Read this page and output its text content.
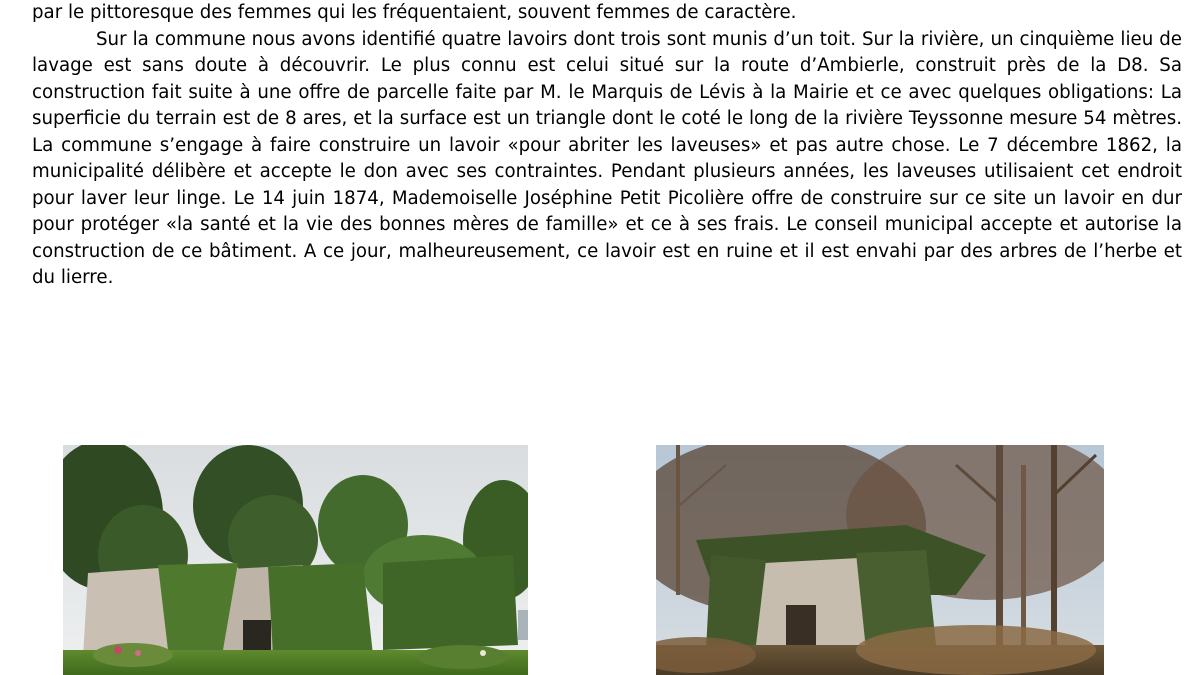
par le pittoresque des femmes qui les fréquentaient, souvent femmes de caractère.

Sur la commune nous avons identifié quatre lavoirs dont trois sont munis d’un toit. Sur la rivière, un cinquième lieu de lavage est sans doute à découvrir. Le plus connu est celui situé sur la route d’Ambierle, construit près de la D8. Sa construction fait suite à une offre de parcelle faite par M. le Marquis de Lévis à la Mairie et ce avec quelques obligations: La superficie du terrain est de 8 ares, et la surface est un triangle dont le coté le long de la rivière Teyssonne mesure 54 mètres. La commune s’engage à faire construire un lavoir «pour abriter les laveuses» et pas autre chose. Le 7 décembre 1862, la municipalité délibère et accepte le don avec ses contraintes. Pendant plusieurs années, les laveuses utilisaient cet endroit pour laver leur linge. Le 14 juin 1874, Mademoiselle Joséphine Petit Picolière offre de construire sur ce site un lavoir en dur pour protéger «la santé et la vie des bonnes mères de famille» et ce à ses frais. Le conseil municipal accepte et autorise la construction de ce bâtiment. A ce jour, malheureusement, ce lavoir est en ruine et il est envahi par des arbres de l’herbe et du lierre.
